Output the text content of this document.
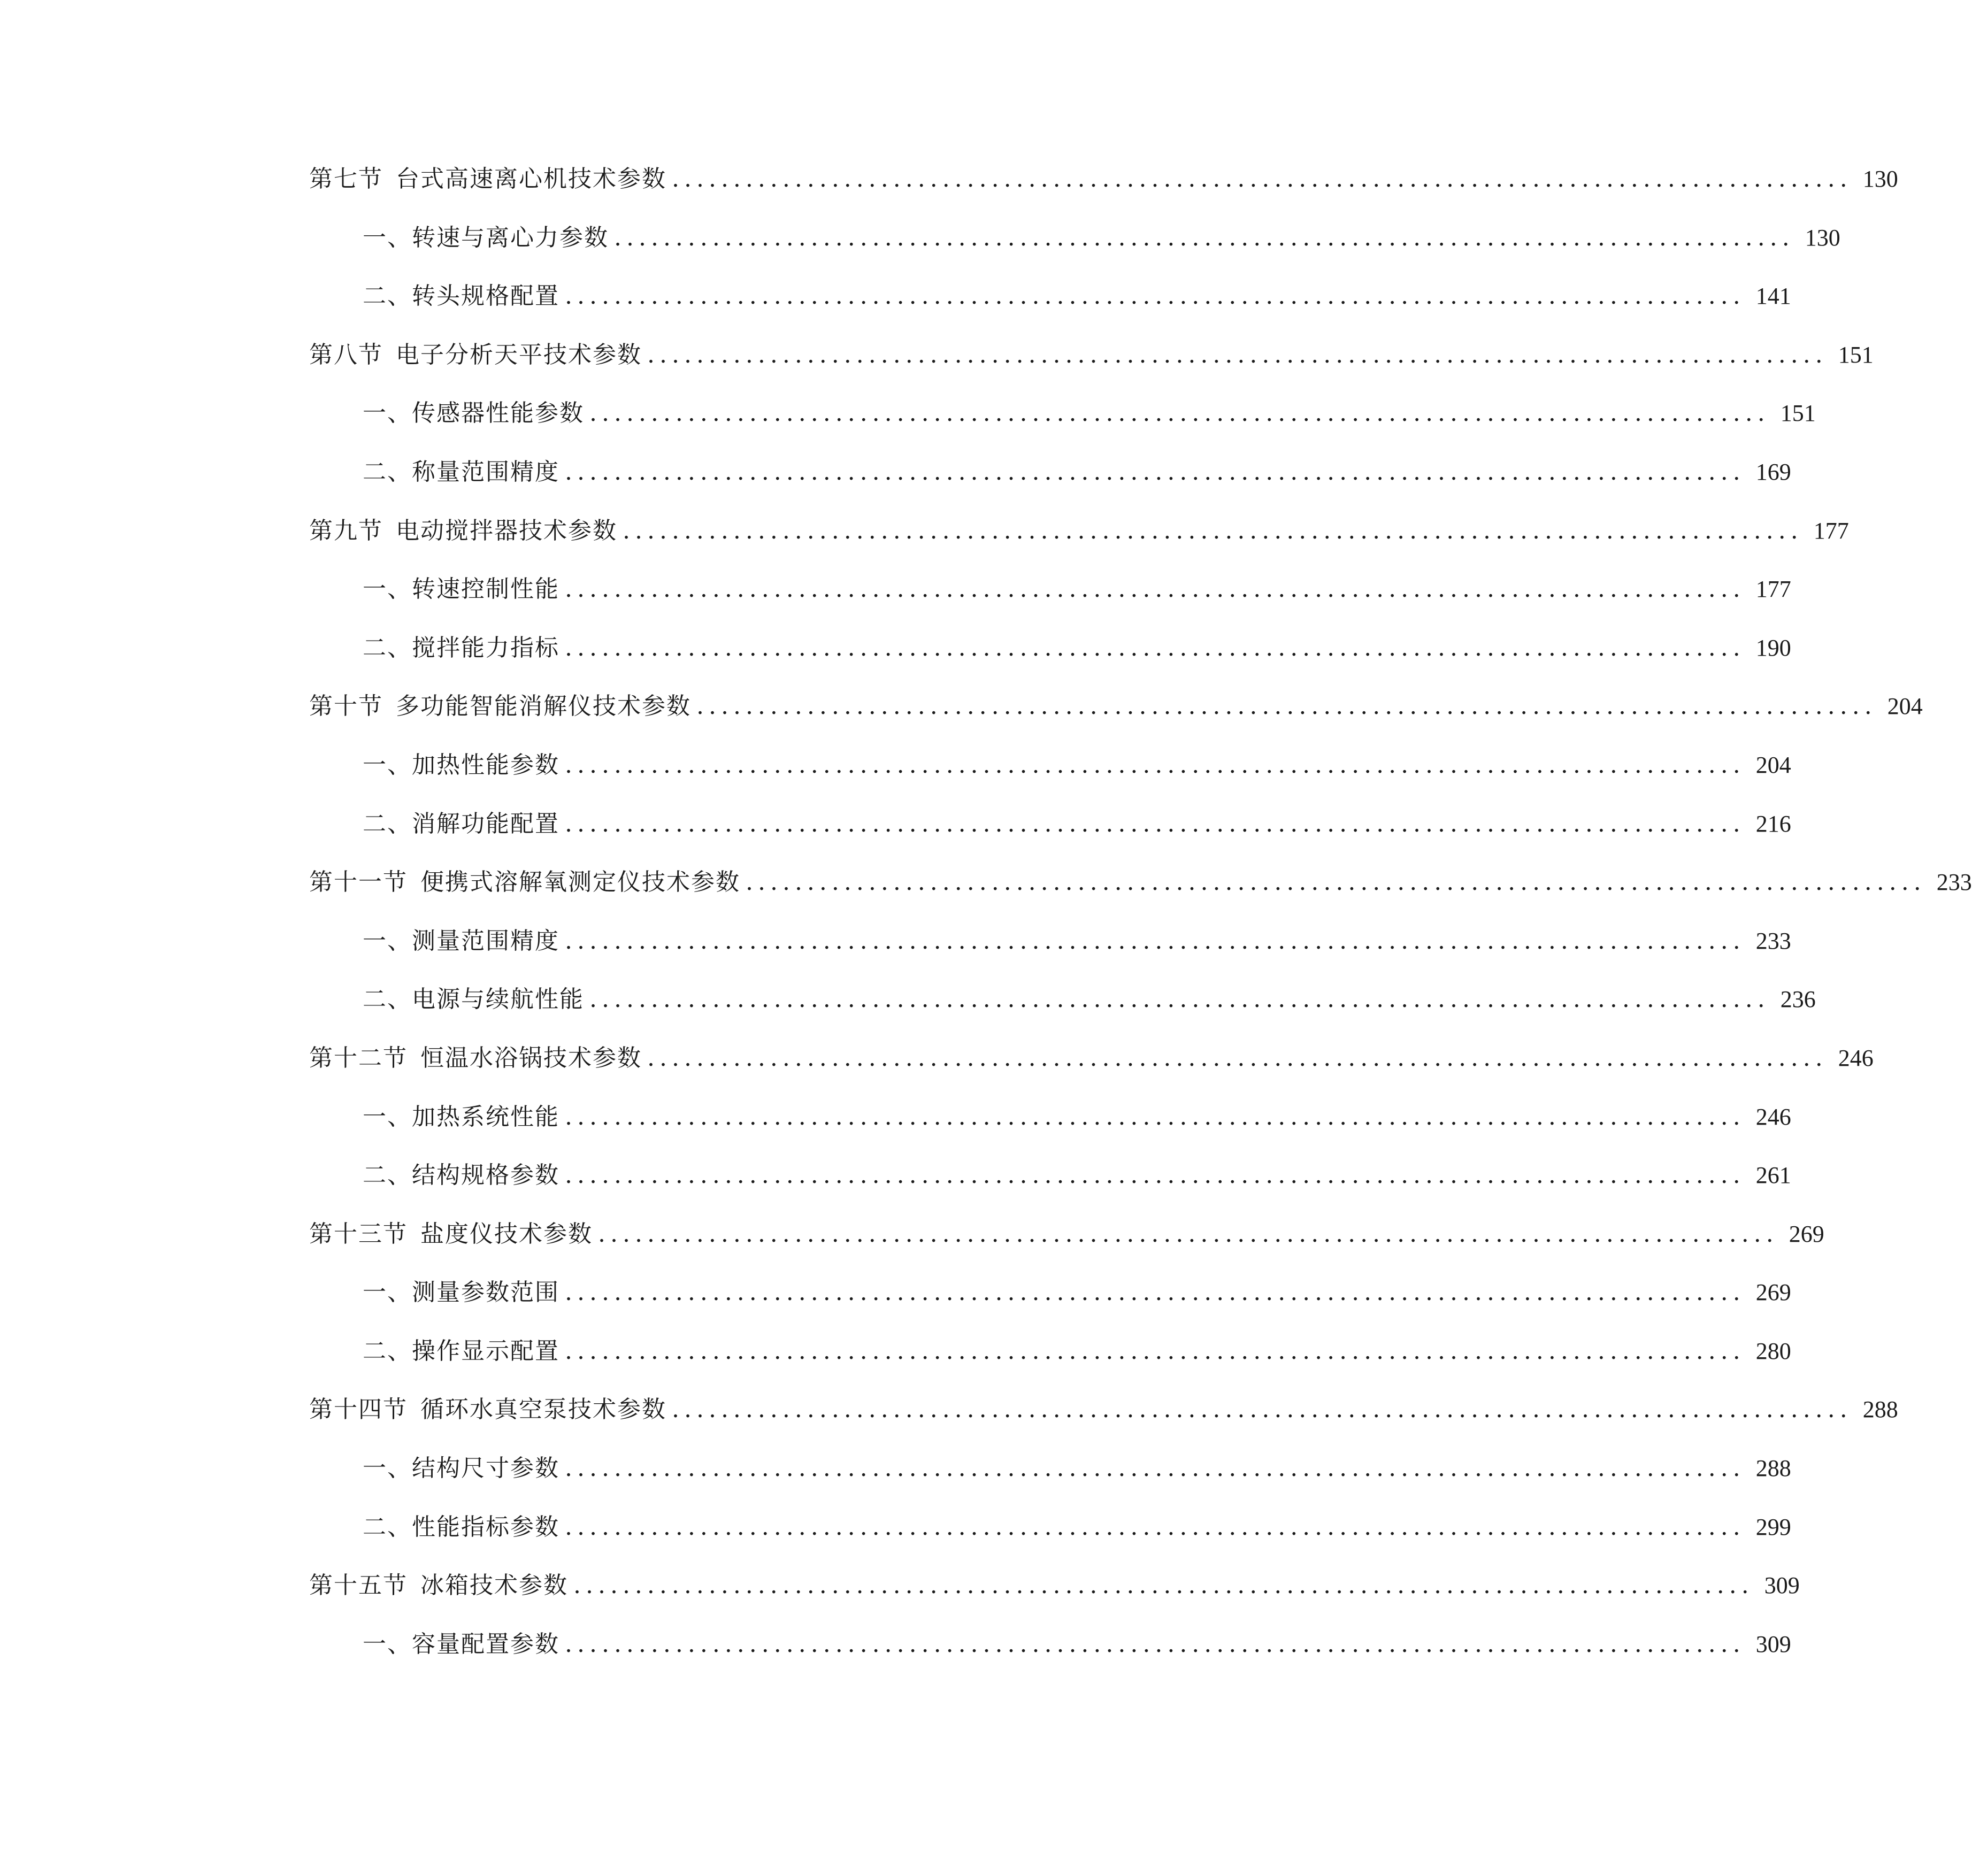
第七节 台式高速离心机技术参数 ................................................................................................ 130
一、 转速与离心力参数 ................................................................................................ 130
二、 转头规格配置 ................................................................................................ 141
第八节 电子分析天平技术参数 ................................................................................................ 151
一、 传感器性能参数 ................................................................................................ 151
二、 称量范围精度 ................................................................................................ 169
第九节 电动搅拌器技术参数 ................................................................................................ 177
一、 转速控制性能 ................................................................................................ 177
二、 搅拌能力指标 ................................................................................................ 190
第十节 多功能智能消解仪技术参数 ................................................................................................ 204
一、 加热性能参数 ................................................................................................ 204
二、 消解功能配置 ................................................................................................ 216
第十一节 便携式溶解氧测定仪技术参数 ................................................................................................ 233
一、 测量范围精度 ................................................................................................ 233
二、 电源与续航性能 ................................................................................................ 236
第十二节 恒温水浴锅技术参数 ................................................................................................ 246
一、 加热系统性能 ................................................................................................ 246
二、 结构规格参数 ................................................................................................ 261
第十三节 盐度仪技术参数 ................................................................................................ 269
一、 测量参数范围 ................................................................................................ 269
二、 操作显示配置 ................................................................................................ 280
第十四节 循环水真空泵技术参数 ................................................................................................ 288
一、 结构尺寸参数 ................................................................................................ 288
二、 性能指标参数 ................................................................................................ 299
第十五节 冰箱技术参数 ................................................................................................ 309
一、 容量配置参数 ................................................................................................ 309
